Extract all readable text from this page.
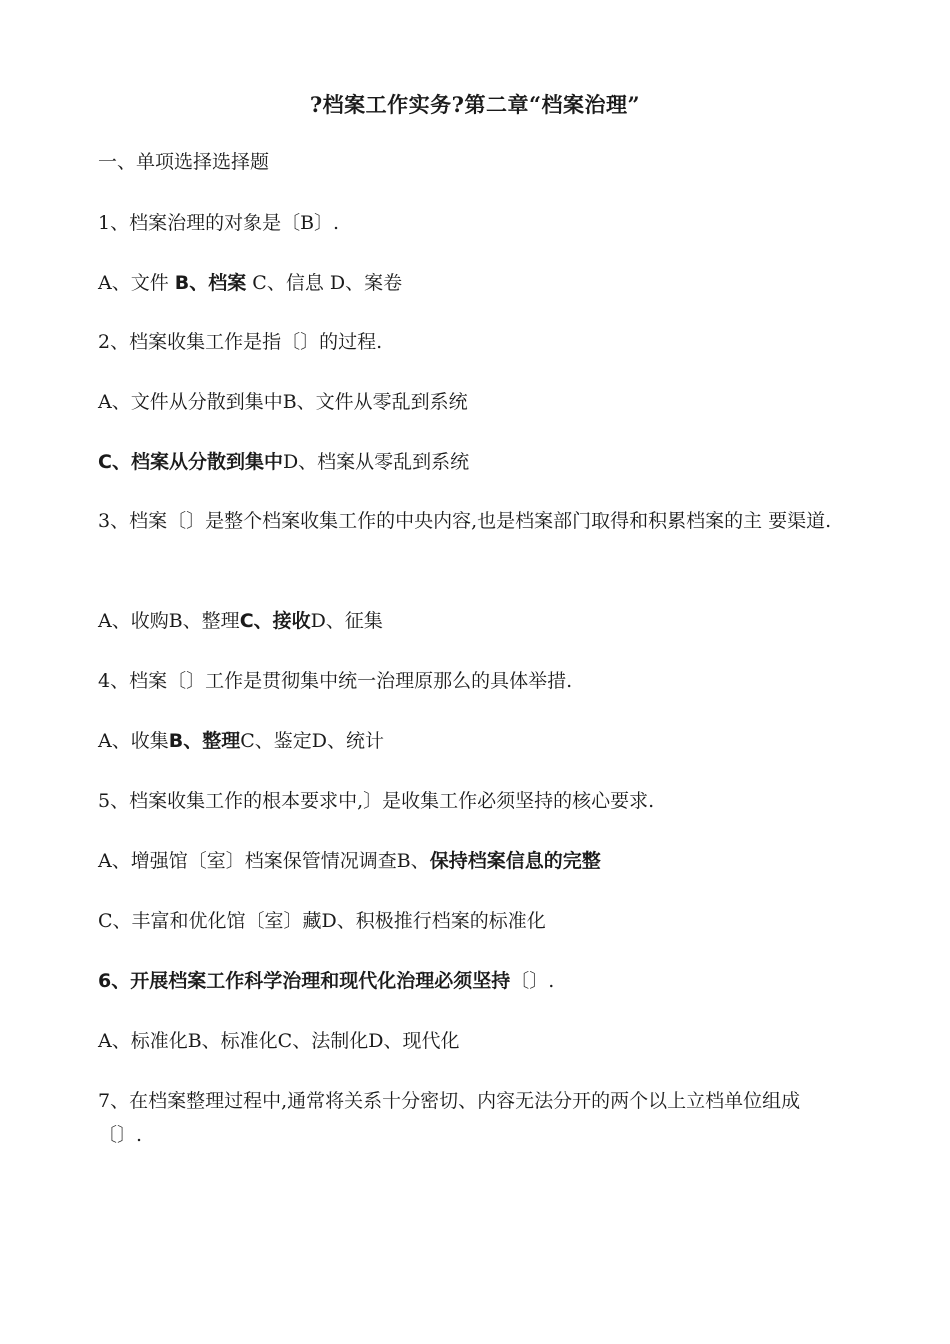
?档案工作实务?第二章“档案治理”
一、单项选择选择题
1、档案治理的对象是〔B〕.
A、文件 B、档案 C、信息 D、案卷
2、档案收集工作是指〔〕的过程.
A、文件从分散到集中B、文件从零乱到系统
C、档案从分散到集中D、档案从零乱到系统
3、档案〔〕是整个档案收集工作的中央内容,也是档案部门取得和积累档案的主 要渠道.
A、收购B、整理C、接收D、征集
4、档案〔〕工作是贯彻集中统一治理原那么的具体举措.
A、收集B、整理C、鉴定D、统计
5、档案收集工作的根本要求中,〕是收集工作必须坚持的核心要求.
A、增强馆〔室〕档案保管情况调查B、保持档案信息的完整
C、丰富和优化馆〔室〕藏D、积极推行档案的标准化
6、开展档案工作科学治理和现代化治理必须坚持〔〕.
A、标准化B、标准化C、法制化D、现代化
7、在档案整理过程中,通常将关系十分密切、内容无法分开的两个以上立档单位组成〔〕.
